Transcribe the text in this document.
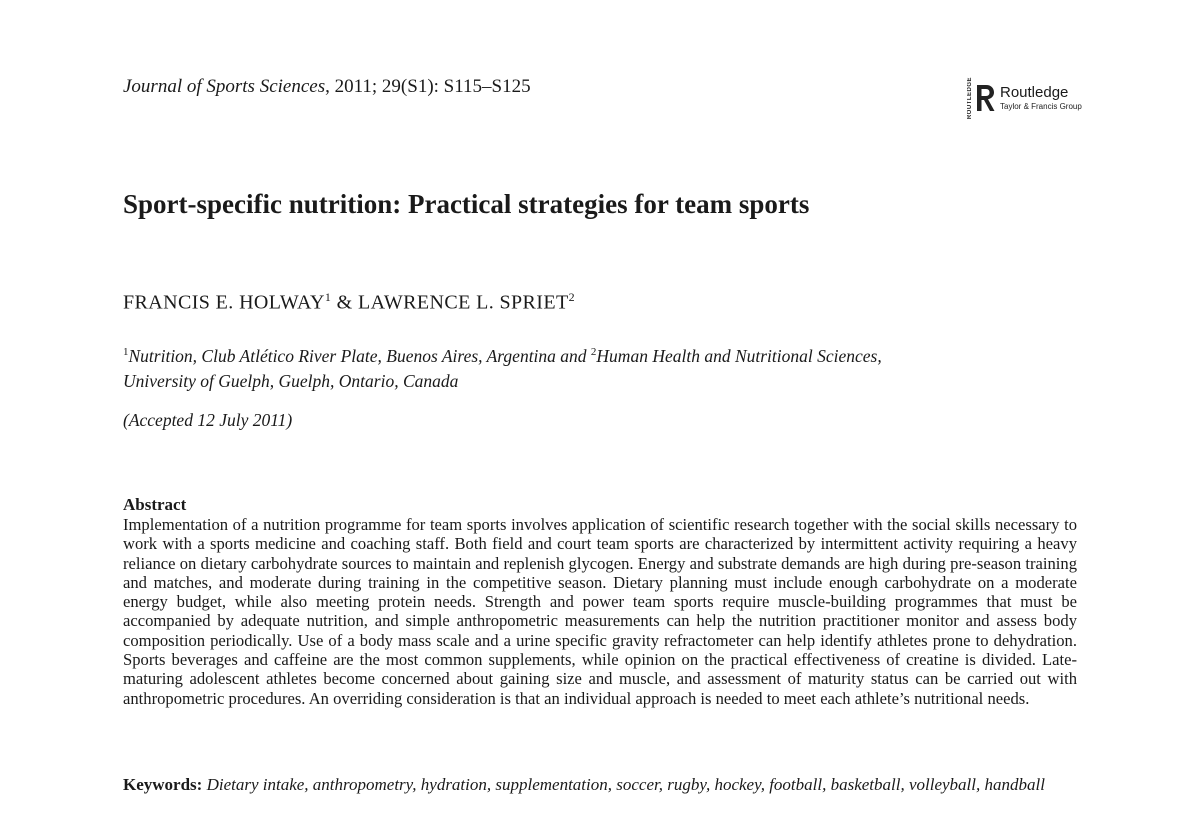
Journal of Sports Sciences, 2011; 29(S1): S115–S125	ROUTLEDGE Routledge
Taylor & Francis Group
Sport-specific nutrition: Practical strategies for team sports
FRANCIS E. HOLWAY$^1$ & LAWRENCE L. SPRIET$^2$
$^1$Nutrition, Club Atlético River Plate, Buenos Aires, Argentina and $^2$Human Health and Nutritional Sciences,
University of Guelph, Guelph, Ontario, Canada
(Accepted 12 July 2011)
Abstract

Implementation of a nutrition programme for team sports involves application of scientific research together with the social skills necessary to work with a sports medicine and coaching staff. Both field and court team sports are characterized by intermittent activity requiring a heavy reliance on dietary carbohydrate sources to maintain and replenish glycogen. Energy and substrate demands are high during pre-season training and matches, and moderate during training in the competitive season. Dietary planning must include enough carbohydrate on a moderate energy budget, while also meeting protein needs. Strength and power team sports require muscle-building programmes that must be accompanied by adequate nutrition, and simple anthropometric measurements can help the nutrition practitioner monitor and assess body composition periodically. Use of a body mass scale and a urine specific gravity refractometer can help identify athletes prone to dehydration. Sports beverages and caffeine are the most common supplements, while opinion on the practical effectiveness of creatine is divided. Late-maturing adolescent athletes become concerned about gaining size and muscle, and assessment of maturity status can be carried out with anthropometric procedures. An overriding consideration is that an individual approach is needed to meet each athlete’s nutritional needs.

Keywords: Dietary intake, anthropometry, hydration, supplementation, soccer, rugby, hockey, football, basketball, volleyball, handball
